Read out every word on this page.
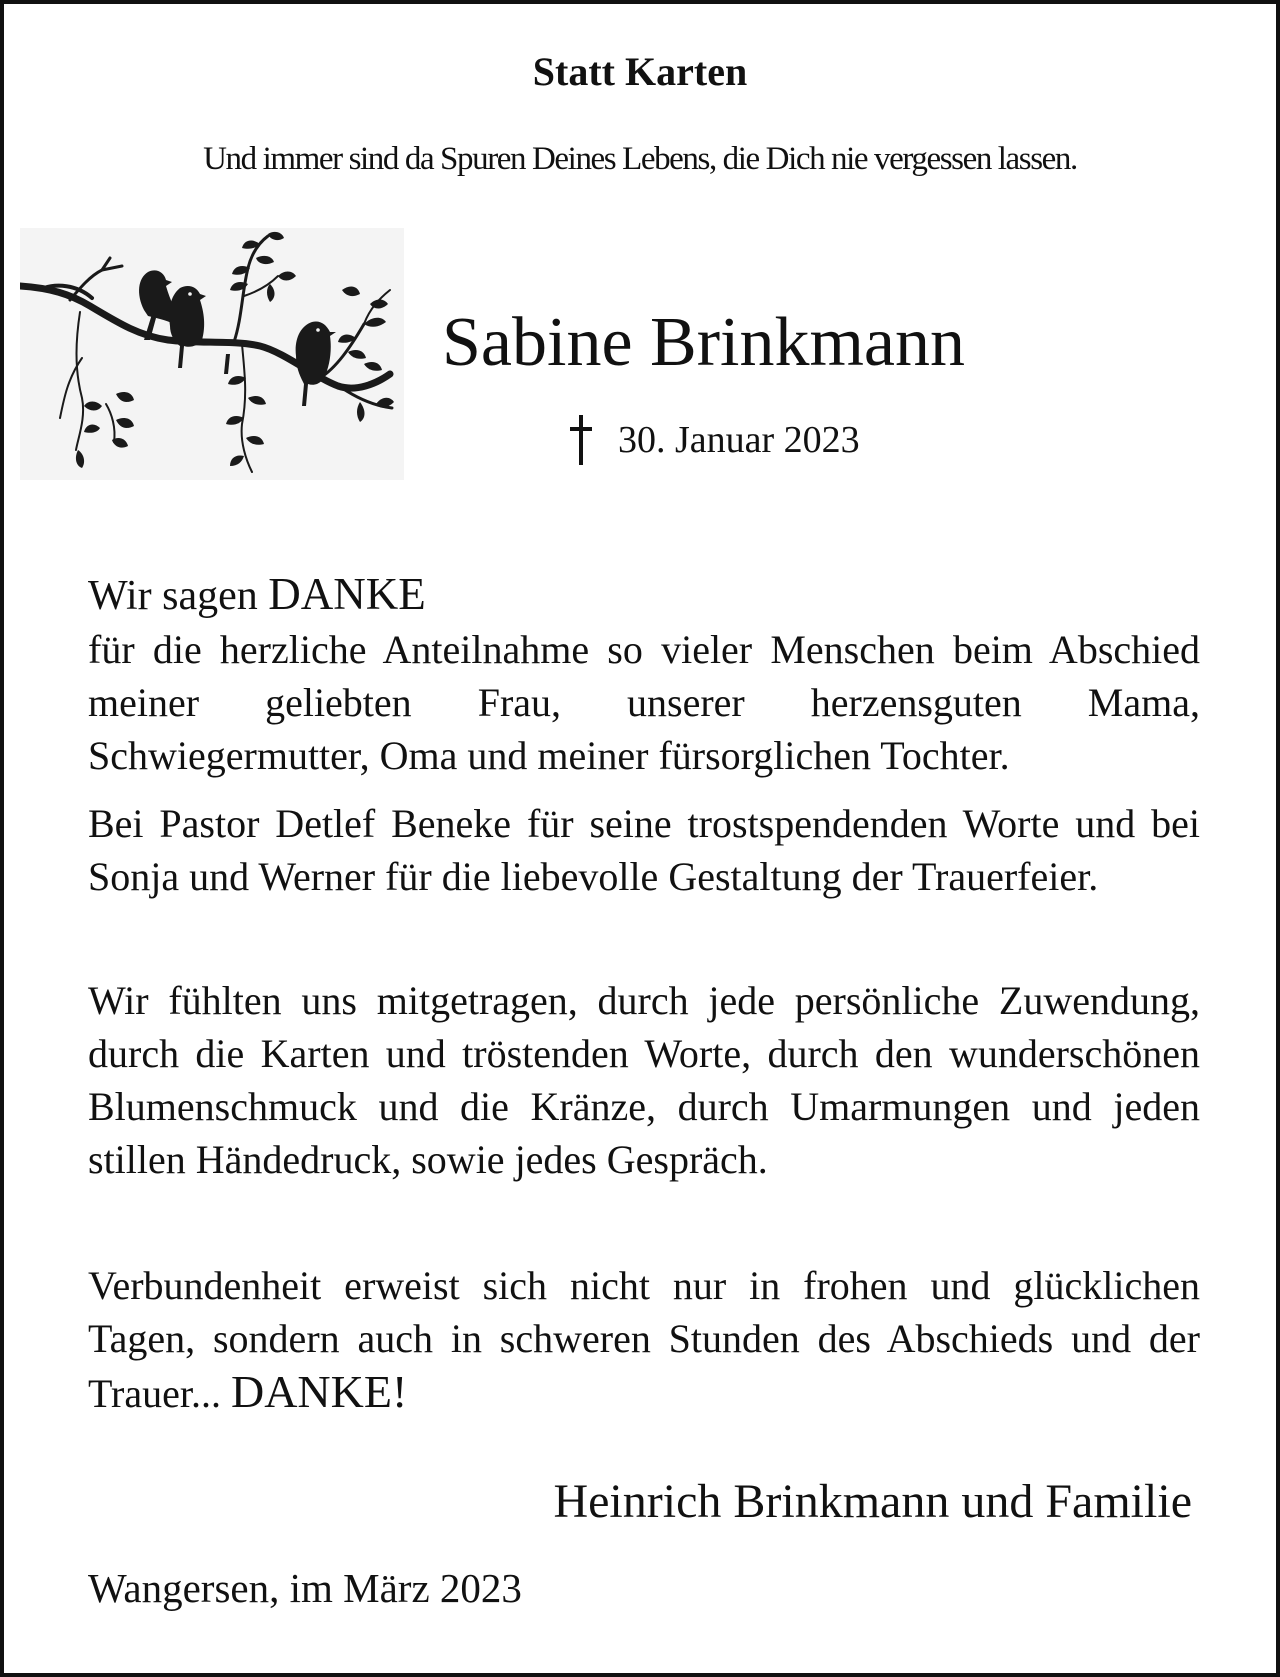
Statt Karten
Und immer sind da Spuren Deines Lebens, die Dich nie vergessen lassen.
Sabine Brinkmann
30. Januar 2023
Wir sagen DANKE
für die herzliche Anteilnahme so vieler Menschen beim Abschied meiner geliebten Frau, unserer herzensguten Mama, Schwiegermutter, Oma und meiner fürsorglichen Tochter.
Bei Pastor Detlef Beneke für seine trostspendenden Worte und bei Sonja und Werner für die liebevolle Gestaltung der Trauerfeier.
Wir fühlten uns mitgetragen, durch jede persönliche Zuwendung, durch die Karten und tröstenden Worte, durch den wunderschönen Blumenschmuck und die Kränze, durch Umarmungen und jeden stillen Händedruck, sowie jedes Gespräch.
Verbundenheit erweist sich nicht nur in frohen und glücklichen Tagen, sondern auch in schweren Stunden des Abschieds und der Trauer... DANKE!
Heinrich Brinkmann und Familie
Wangersen, im März 2023
